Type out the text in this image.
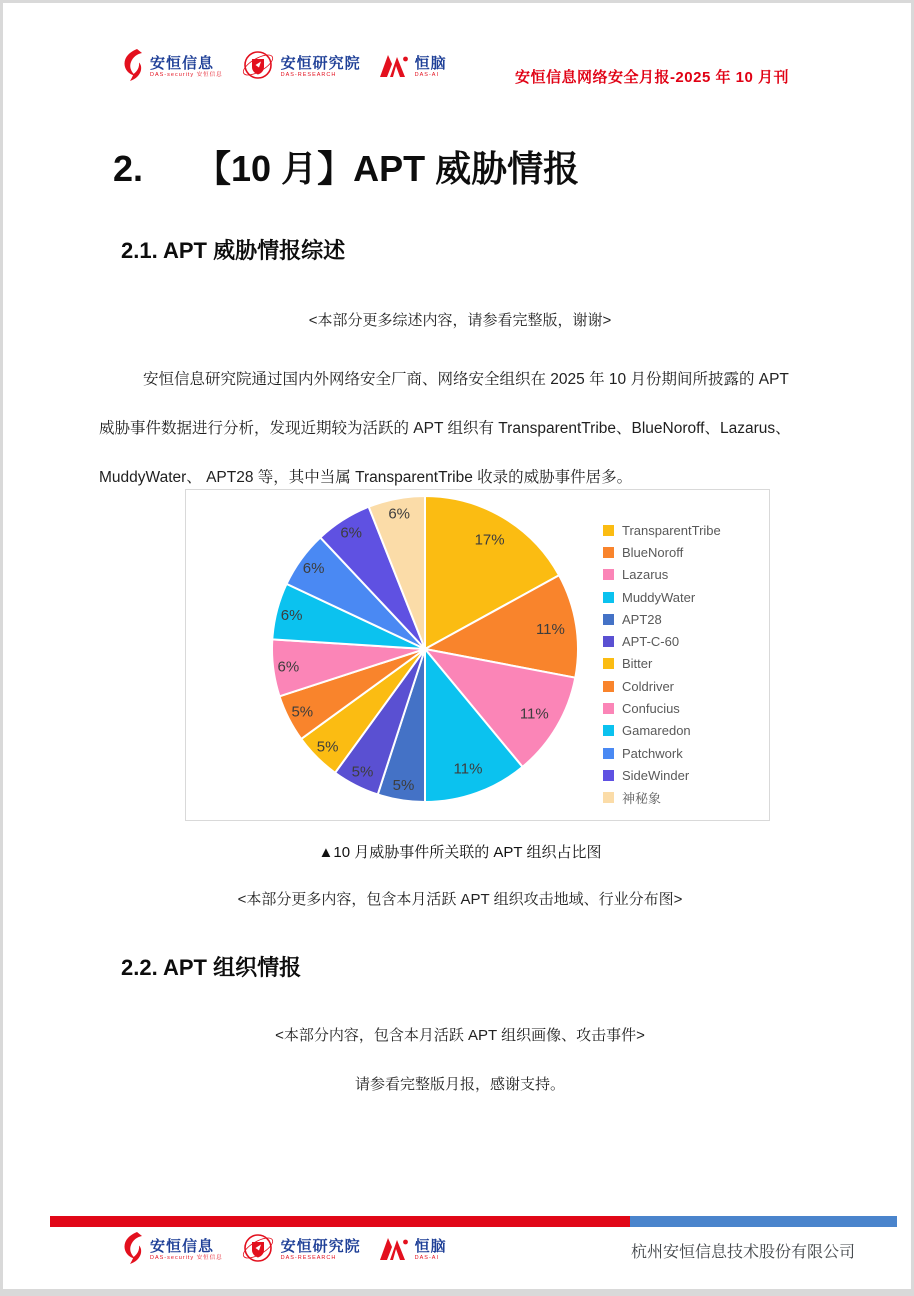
安恒信息
DAS-security 安恒信息
安恒研究院
DAS-RESEARCH
恒脑
DAS-AI	安恒信息网络安全月报-2025 年 10 月刊
2. 【10 月】APT 威胁情报
2.1. APT 威胁情报综述
<本部分更多综述内容，请参看完整版，谢谢>
安恒信息研究院通过国内外网络安全厂商、网络安全组织在 2025 年 10 月份期间所披露的 APT
威胁事件数据进行分析，发现近期较为活跃的 APT 组织有 TransparentTribe、BlueNoroff、Lazarus、
MuddyWater、 APT28 等，其中当属 TransparentTribe 收录的威胁事件居多。
17%
11%
11%
11%
5%
5%
5%
5%
6%
6%
6%
6%
6%
TransparentTribe
BlueNoroff
Lazarus
MuddyWater
APT28
APT-C-60
Bitter
Coldriver
Confucius
Gamaredon
Patchwork
SideWinder
神秘象
▲10 月威胁事件所关联的 APT 组织占比图
<本部分更多内容，包含本月活跃 APT 组织攻击地域、行业分布图>
2.2. APT 组织情报
<本部分内容，包含本月活跃 APT 组织画像、攻击事件>
请参看完整版月报，感谢支持。
安恒信息
DAS-security 安恒信息
安恒研究院
DAS-RESEARCH
恒脑
DAS-AI	杭州安恒信息技术股份有限公司
